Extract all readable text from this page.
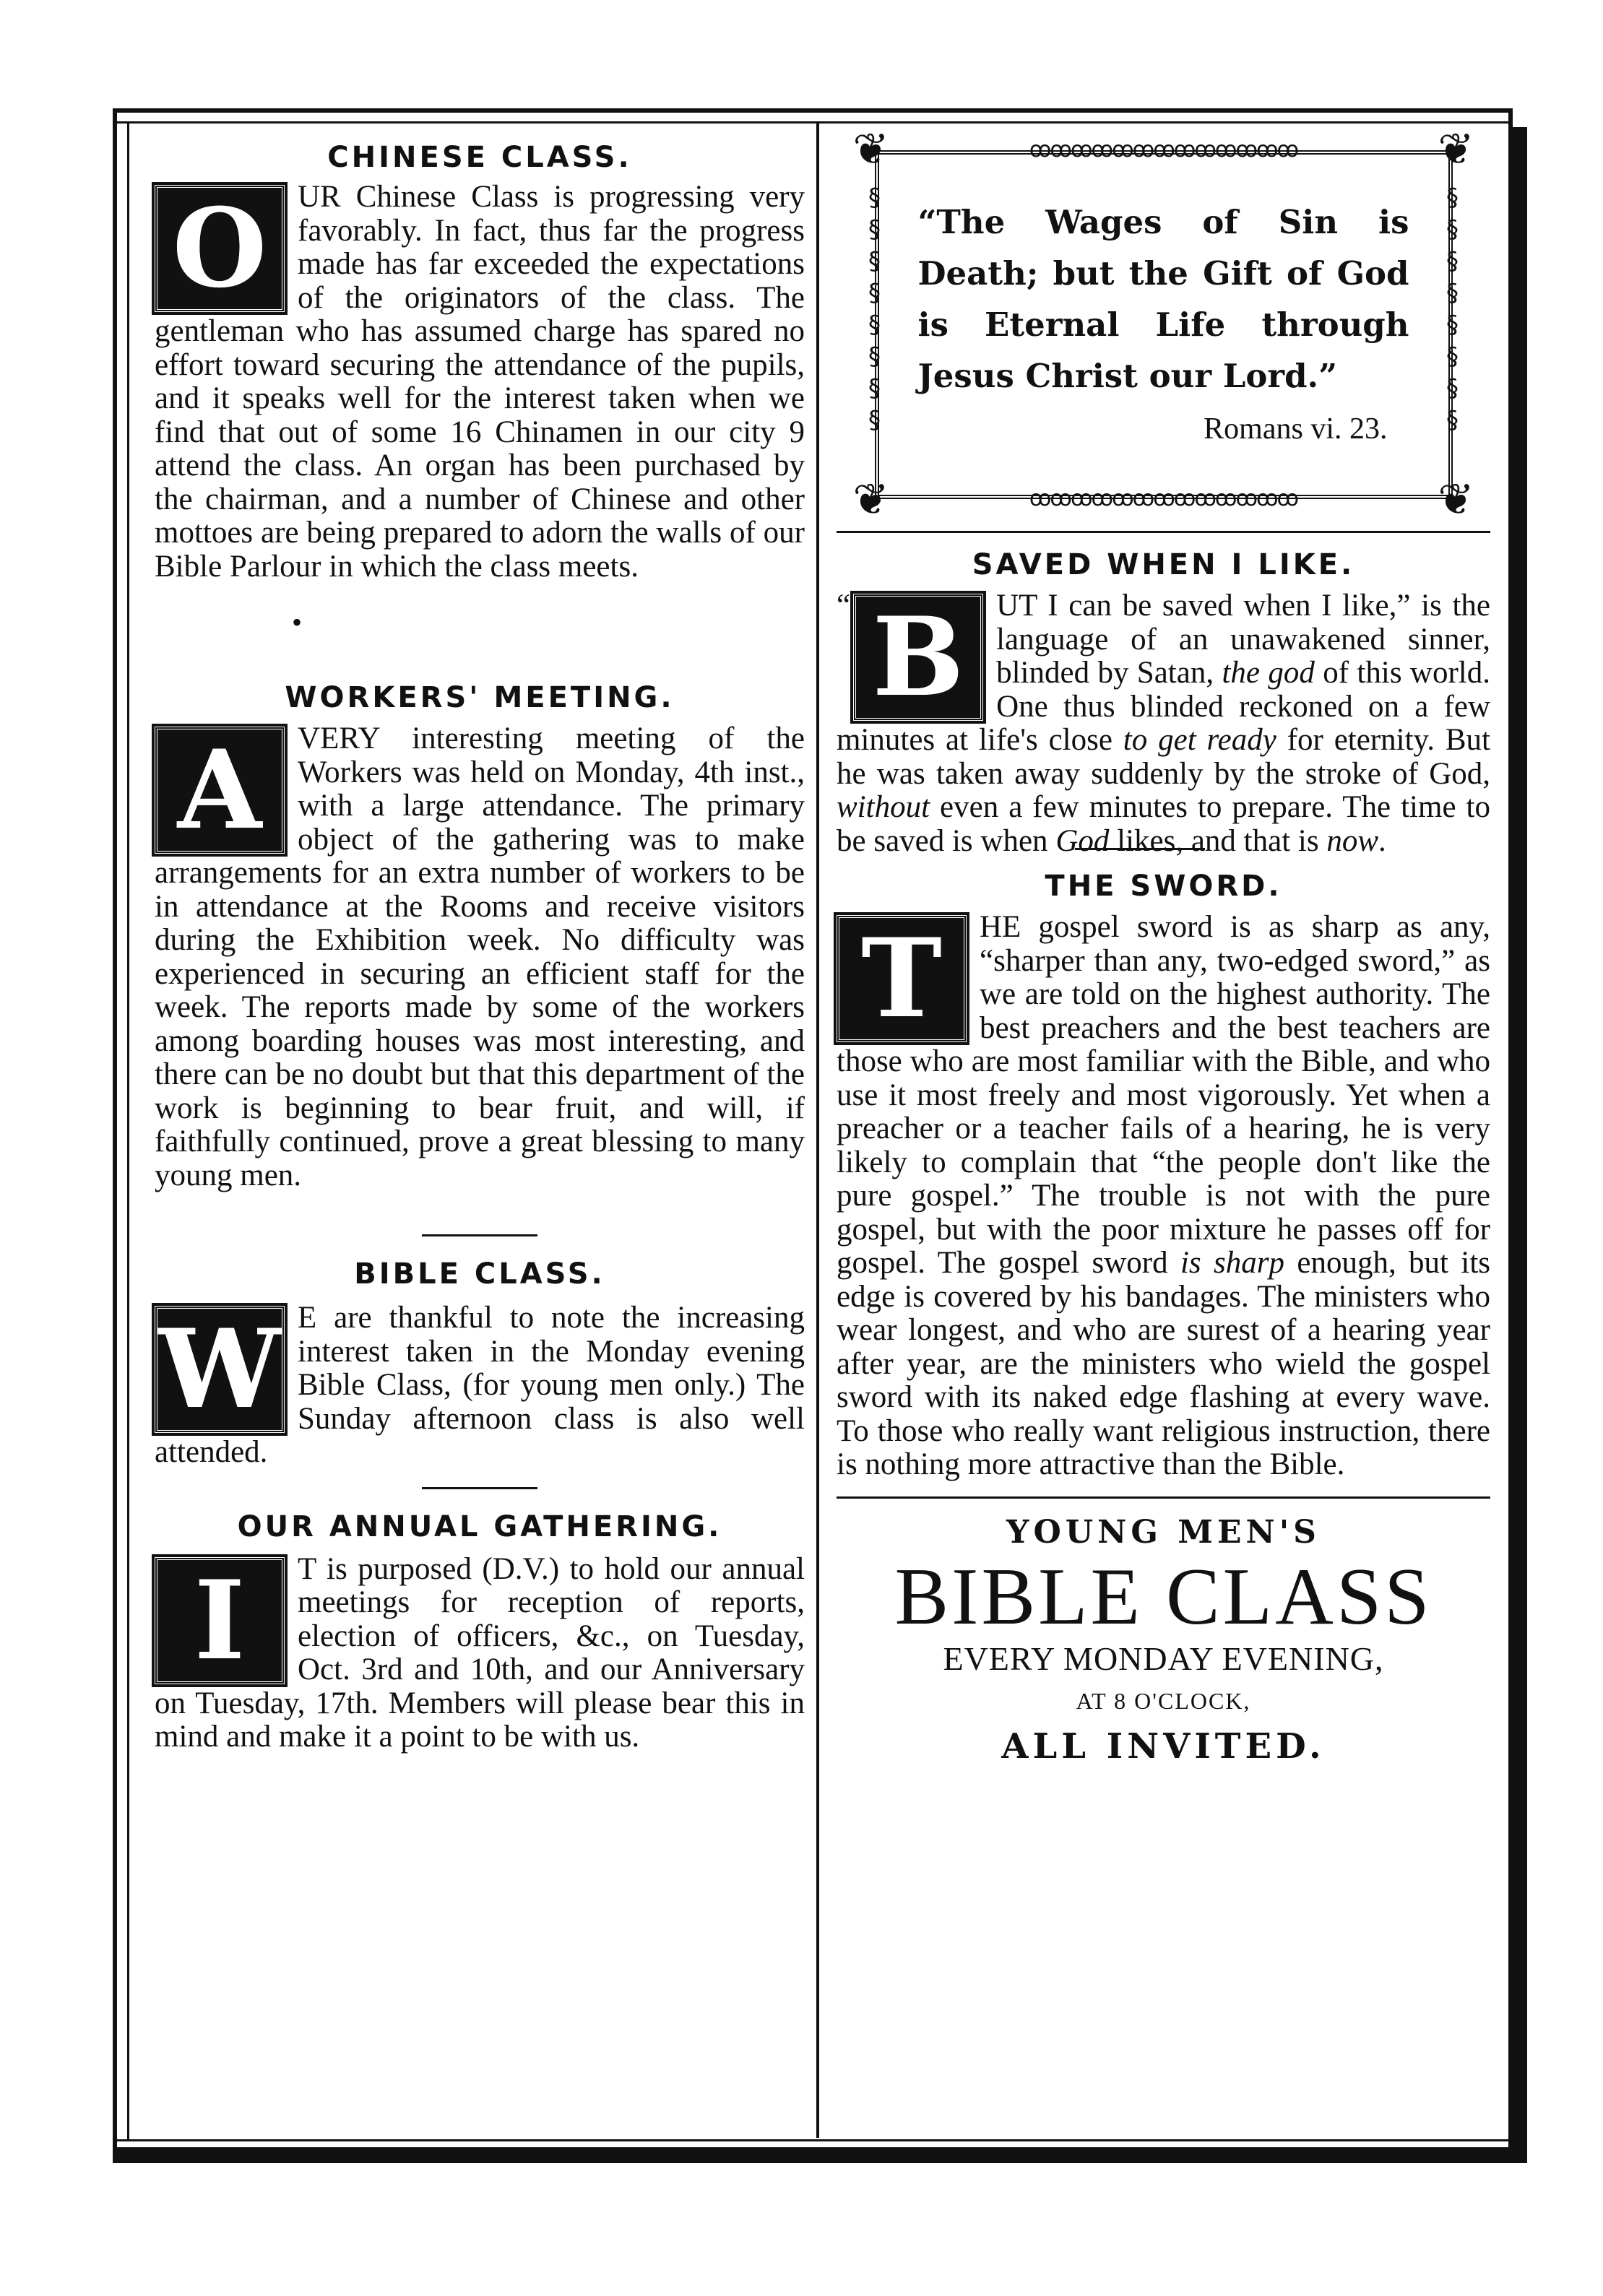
CHINESE CLASS.

O UR Chinese Class is progressing very favorably. In fact, thus far the progress made has far exceeded the expectations of the originators of the class. The gentleman who has assumed charge has spared no effort toward securing the attendance of the pupils, and it speaks well for the interest taken when we find that out of some 16 Chinamen in our city 9 attend the class. An organ has been purchased by the chairman, and a number of Chinese and other mottoes are being prepared to adorn the walls of our Bible Parlour in which the class meets.

•
WORKERS' MEETING.

A VERY interesting meeting of the Workers was held on Monday, 4th inst., with a large attendance. The primary object of the gathering was to make arrangements for an extra number of workers to be in attendance at the Rooms and receive visitors during the Exhibition week. No difficulty was experienced in securing an efficient staff for the week. The reports made by some of the workers among boarding houses was most interesting, and there can be no doubt but that this department of the work is beginning to bear fruit, and will, if faithfully continued, prove a great blessing to many young men.

BIBLE CLASS.

W E are thankful to note the increasing interest taken in the Monday evening Bible Class, (for young men only.) The Sunday afternoon class is also well attended.

OUR ANNUAL GATHERING.

I T is purposed (D.V.) to hold our annual meetings for reception of reports, election of officers, &c., on Tuesday, Oct. 3rd and 10th, and our Anniversary on Tuesday, 17th. Members will please bear this in mind and make it a point to be with us.

ꝏꝏꝏꝏꝏꝏꝏꝏꝏꝏꝏꝏꝏ
ꝏꝏꝏꝏꝏꝏꝏꝏꝏꝏꝏꝏꝏ
❦	❦
❦	❦
§ § § § § § § §
§ § § § § § § §
“The Wages of Sin is Death; but the Gift of God is Eternal Life through Jesus Christ our Lord.”
Romans vi. 23.
SAVED WHEN I LIKE.

“ B UT I can be saved when I like,” is the language of an unawakened sinner, blinded by Satan, the god of this world. One thus blinded reckoned on a few minutes at life's close to get ready for eternity. But he was taken away suddenly by the stroke of God, without even a few minutes to prepare. The time to be saved is when God likes, and that is now.

THE SWORD.

T HE gospel sword is as sharp as any, “sharper than any, two-edged sword,” as we are told on the highest authority. The best preachers and the best teachers are those who are most familiar with the Bible, and who use it most freely and most vigorously. Yet when a preacher or a teacher fails of a hearing, he is very likely to complain that “the people don't like the pure gospel.” The trouble is not with the pure gospel, but with the poor mixture he passes off for gospel. The gospel sword is sharp enough, but its edge is covered by his bandages. The ministers who wear longest, and who are surest of a hearing year after year, are the ministers who wield the gospel sword with its naked edge flashing at every wave. To those who really want religious instruction, there is nothing more attractive than the Bible.

YOUNG MEN'S
BIBLE CLASS
EVERY MONDAY EVENING,
AT 8 O'CLOCK,
ALL INVITED.
